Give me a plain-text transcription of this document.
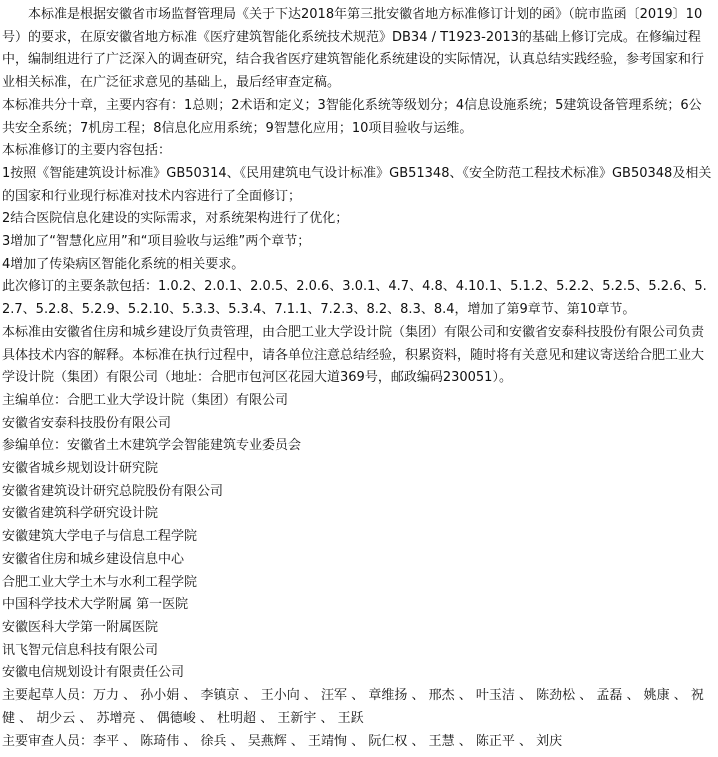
本标准是根据安徽省市场监督管理局《关于下达2018年第三批安徽省地方标准修订计划的函》（皖市监函〔2019〕10号）的要求，在原安徽省地方标准《医疗建筑智能化系统技术规范》DB34 / T1923-2013的基础上修订完成。在修编过程中，编制组进行了广泛深入的调查研究，结合我省医疗建筑智能化系统建设的实际情况，认真总结实践经验，参考国家和行业相关标准，在广泛征求意见的基础上，最后经审查定稿。

本标准共分十章，主要内容有：1总则；2术语和定义；3智能化系统等级划分；4信息设施系统；5建筑设备管理系统；6公共安全系统；7机房工程；8信息化应用系统；9智慧化应用；10项目验收与运维。

本标准修订的主要内容包括：

1按照《智能建筑设计标准》GB50314、《民用建筑电气设计标准》GB51348、《安全防范工程技术标准》GB50348及相关的国家和行业现行标准对技术内容进行了全面修订；

2结合医院信息化建设的实际需求，对系统架构进行了优化；

3增加了“智慧化应用”和“项目验收与运维”两个章节；

4增加了传染病区智能化系统的相关要求。

此次修订的主要条款包括：1.0.2、2.0.1、2.0.5、2.0.6、3.0.1、4.7、4.8、4.10.1、5.1.2、5.2.2、5.2.5、5.2.6、5.2.7、5.2.8、5.2.9、5.2.10、5.3.3、5.3.4、7.1.1、7.2.3、8.2、8.3、8.4，增加了第9章节、第10章节。

本标准由安徽省住房和城乡建设厅负责管理，由合肥工业大学设计院（集团）有限公司和安徽省安泰科技股份有限公司负责具体技术内容的解释。本标准在执行过程中，请各单位注意总结经验，积累资料，随时将有关意见和建议寄送给合肥工业大学设计院（集团）有限公司（地址：合肥市包河区花园大道369号，邮政编码230051）。

主编单位：合肥工业大学设计院（集团）有限公司

安徽省安泰科技股份有限公司

参编单位：安徽省土木建筑学会智能建筑专业委员会

安徽省城乡规划设计研究院

安徽省建筑设计研究总院股份有限公司

安徽省建筑科学研究设计院

安徽建筑大学电子与信息工程学院

安徽省住房和城乡建设信息中心

合肥工业大学土木与水利工程学院

中国科学技术大学附属 第一医院

安徽医科大学第一附属医院

讯飞智元信息科技有限公司

安徽电信规划设计有限责任公司

主要起草人员：万力 、 孙小娟 、 李镇京 、 王小向 、 汪军 、 章维扬 、 邢杰 、 叶玉洁 、 陈劲松 、 孟磊 、 姚康 、 祝健 、 胡少云 、 苏增亮 、 偶德峻 、 杜明超 、 王新宇 、 王跃

主要审查人员：李平 、 陈琦伟 、 徐兵 、 吴燕辉 、 王靖恂 、 阮仁权 、 王慧 、 陈正平 、 刘庆
